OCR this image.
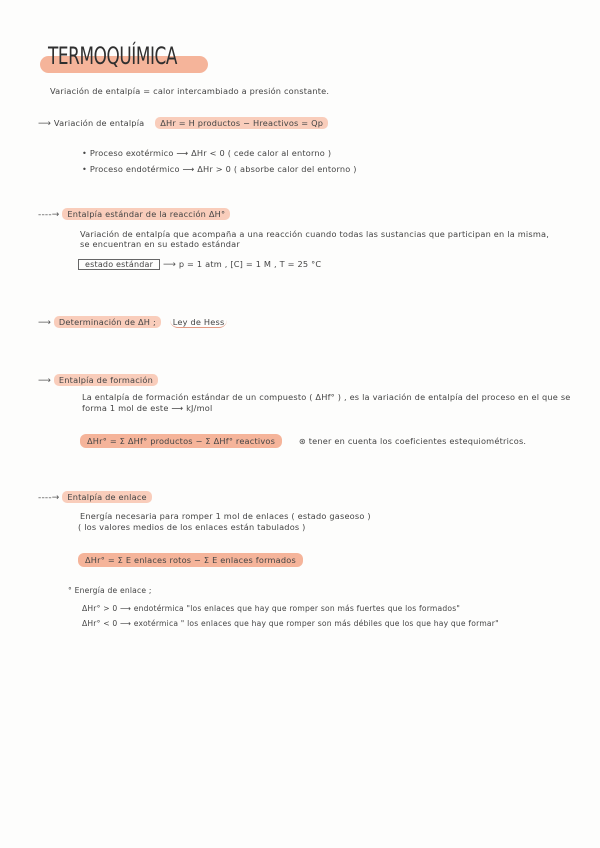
TERMOQUÍMICA
Variación de entalpía = calor intercambiado a presión constante.
⟶ Variación de entalpía ΔHr = H productos − Hreactivos = Qp
• Proceso exotérmico ⟶ ΔHr < 0 ( cede calor al entorno )
• Proceso endotérmico ⟶ ΔHr > 0 ( absorbe calor del entorno )
----→ Entalpía estándar de la reacción ΔH°
Variación de entalpía que acompaña a una reacción cuando todas las sustancias que participan en la misma,
se encuentran en su estado estándar
estado estándar ⟶ p = 1 atm , [C] = 1 M , T = 25 °C
⟶ Determinación de ΔH ; Ley de Hess
⟶ Entalpía de formación
La entalpía de formación estándar de un compuesto ( ΔHf° ) , es la variación de entalpía del proceso en el que se
forma 1 mol de este ⟶ kJ/mol
ΔHr° = Σ ΔHf° productos − Σ ΔHf° reactivos	⊛ tener en cuenta los coeficientes estequiométricos.
----→ Entalpía de enlace
Energía necesaria para romper 1 mol de enlaces ( estado gaseoso )
( los valores medios de los enlaces están tabulados )
ΔHr° = Σ E enlaces rotos − Σ E enlaces formados
° Energía de enlace ;
ΔHr° > 0 ⟶ endotérmica "los enlaces que hay que romper son más fuertes que los formados"
ΔHr° < 0 ⟶ exotérmica " los enlaces que hay que romper son más débiles que los que hay que formar"
